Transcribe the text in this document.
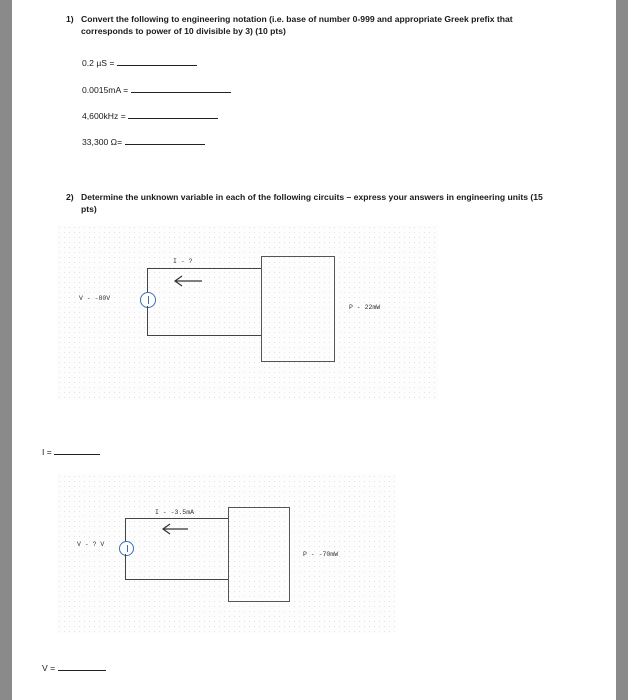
1) Convert the following to engineering notation (i.e. base of number 0-999 and appropriate Greek prefix that
corresponds to power of 10 divisible by 3) (10 pts)
0.2 µS =
0.0015mA =
4,600kHz =
33,300 Ω=
2) Determine the unknown variable in each of the following circuits – express your answers in engineering units (15
pts)
I - ?
V - -80V
P - 22mW
I =
I - -3.5mA
V - ? V
P - -70mW
V =
